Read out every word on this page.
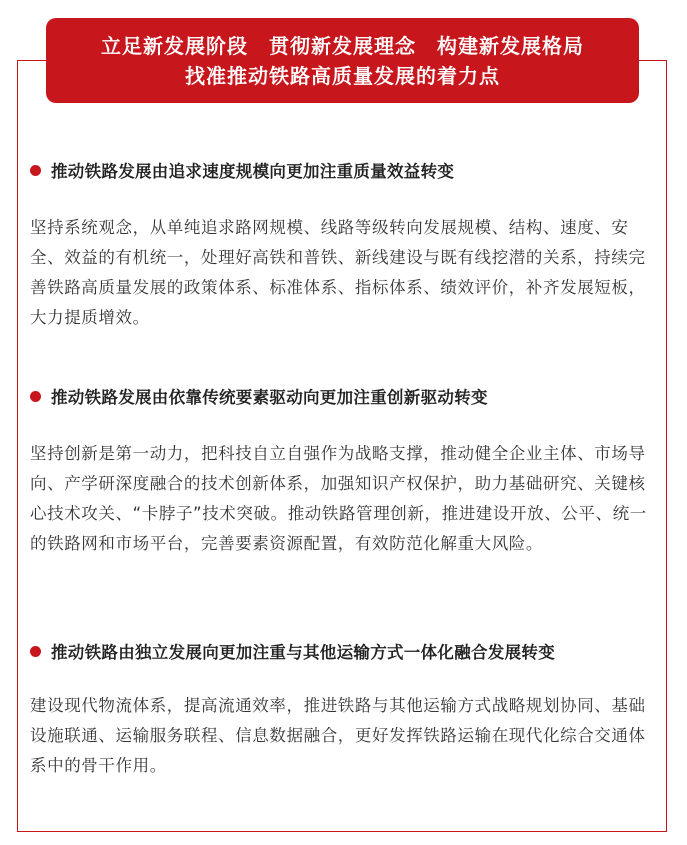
立足新发展阶段　贯彻新发展理念　构建新发展格局
找准推动铁路高质量发展的着力点
推动铁路发展由追求速度规模向更加注重质量效益转变

坚持系统观念，从单纯追求路网规模、线路等级转向发展规模、结构、速度、安全、效益的有机统一，处理好高铁和普铁、新线建设与既有线挖潜的关系，持续完善铁路高质量发展的政策体系、标准体系、指标体系、绩效评价，补齐发展短板，大力提质增效。

推动铁路发展由依靠传统要素驱动向更加注重创新驱动转变

坚持创新是第一动力，把科技自立自强作为战略支撑，推动健全企业主体、市场导向、产学研深度融合的技术创新体系，加强知识产权保护，助力基础研究、关键核心技术攻关、“卡脖子”技术突破。推动铁路管理创新，推进建设开放、公平、统一的铁路网和市场平台，完善要素资源配置，有效防范化解重大风险。

推动铁路由独立发展向更加注重与其他运输方式一体化融合发展转变

建设现代物流体系，提高流通效率，推进铁路与其他运输方式战略规划协同、基础设施联通、运输服务联程、信息数据融合，更好发挥铁路运输在现代化综合交通体系中的骨干作用。
